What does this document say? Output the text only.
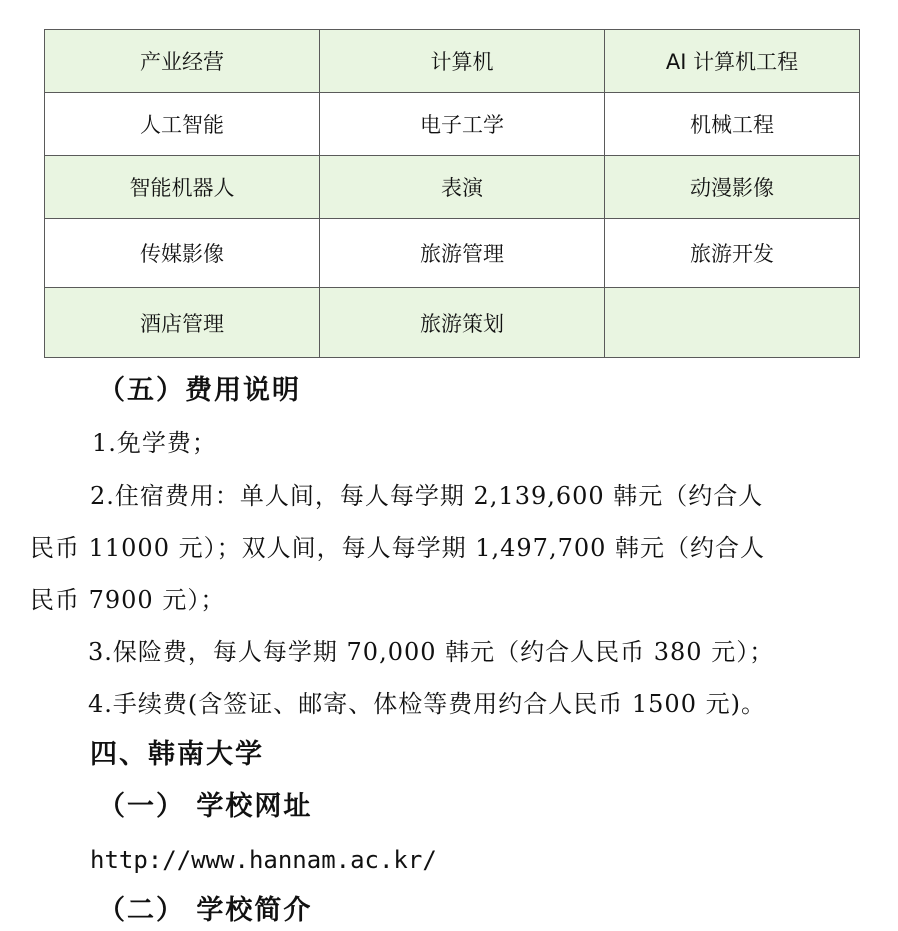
产业经营	计算机	AI 计算机工程
人工智能	电子工学	机械工程
智能机器人	表演	动漫影像
传媒影像	旅游管理	旅游开发
酒店管理	旅游策划	
（五）费用说明
1.免学费；
2.住宿费用：单人间，每人每学期 2,139,600 韩元（约合人
民币 11000 元）；双人间，每人每学期 1,497,700 韩元（约合人
民币 7900 元）；
3.保险费，每人每学期 70,000 韩元（约合人民币 380 元）；
4.手续费(含签证、邮寄、体检等费用约合人民币 1500 元)。
四、韩南大学
（一） 学校网址
http://www.hannam.ac.kr/
（二） 学校简介
